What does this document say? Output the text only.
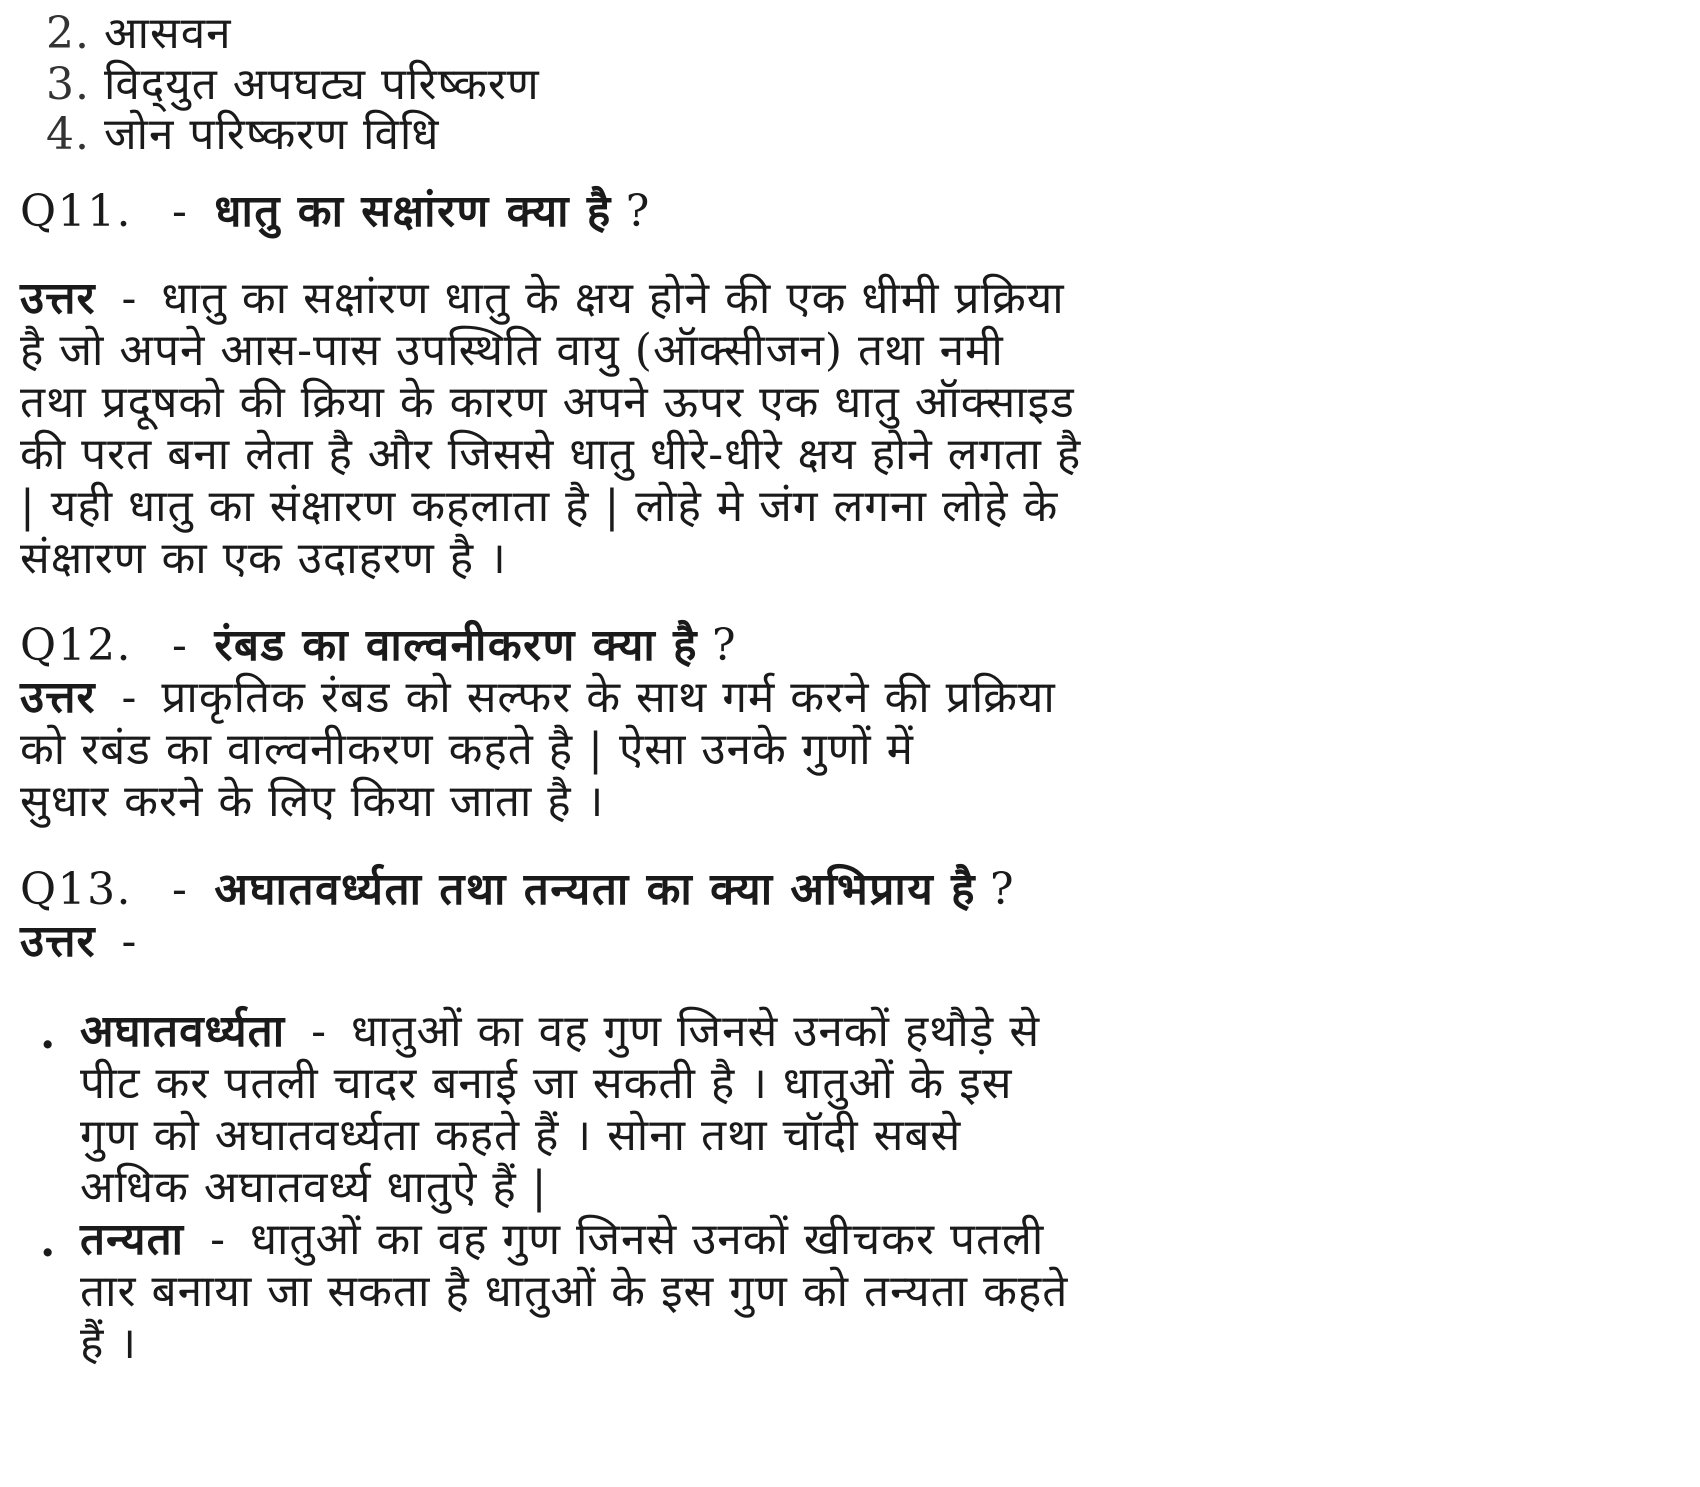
2. आसवन
3. विद्‌युत अपघट्य परिष्करण
4. जोन परिष्करण विधि
Q11. - धातु का सक्षांरण क्या है ?
उत्तर - धातु का सक्षांरण धातु के क्षय होने की एक धीमी प्रक्रिया
है जो अपने आस-पास उपस्थिति वायु (ऑक्सीजन) तथा नमी
तथा प्रदूषको की क्रिया के कारण अपने ऊपर एक धातु ऑक्साइड
की परत बना लेता है और जिससे धातु धीरे-धीरे क्षय होने लगता है
| यही धातु का संक्षारण कहलाता है | लोहे मे जंग लगना लोहे के
संक्षारण का एक उदाहरण है ।
Q12. - रंबड का वाल्वनीकरण क्या है ?
उत्तर - प्राकृतिक रंबड को सल्फर के साथ गर्म करने की प्रक्रिया
को रबंड का वाल्वनीकरण कहते है | ऐसा उनके गुणों में
सुधार करने के लिए किया जाता है ।
Q13. - अघातवर्ध्यता तथा तन्यता का क्या अभिप्राय है ?
उत्तर -
. अघातवर्ध्यता - धातुओं का वह गुण जिनसे उनकों हथौड़े से
पीट कर पतली चादर बनाई जा सकती है । धातुओं के इस
गुण को अघातवर्ध्यता कहते हैं । सोना तथा चॉदी सबसे
अधिक अघातवर्ध्य धातुऐ हैं |
. तन्यता - धातुओं का वह गुण जिनसे उनकों खीचकर पतली
तार बनाया जा सकता है धातुओं के इस गुण को तन्यता कहते
हैं ।
